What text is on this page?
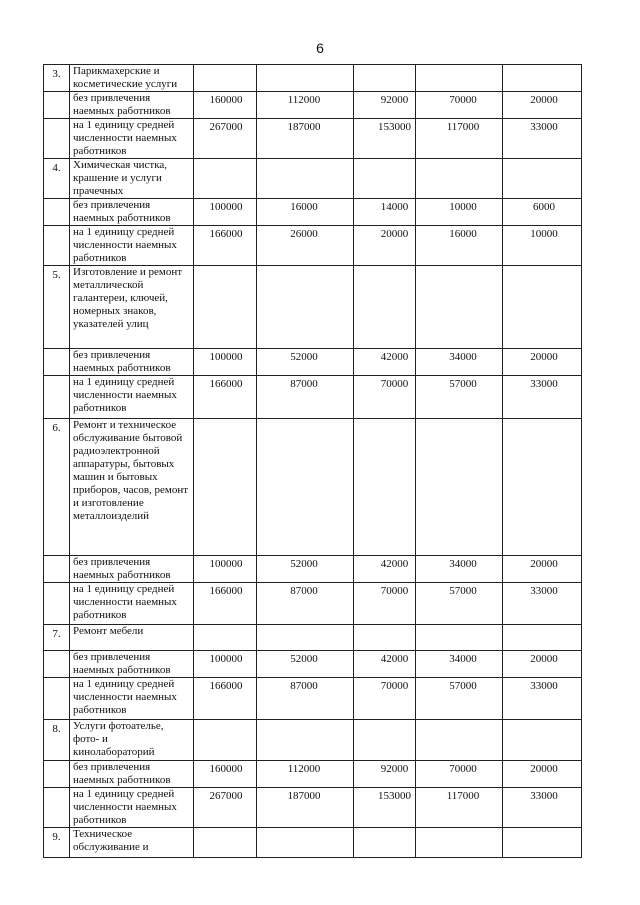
6
3.	Парикмахерские и косметические услуги					
	без привлечения наемных работников	160000	112000	92000	70000	20000
	на 1 единицу средней численности наемных работников	267000	187000	153000	117000	33000
4.	Химическая чистка, крашение и услуги прачечных					
	без привлечения наемных работников	100000	16000	14000	10000	6000
	на 1 единицу средней численности наемных работников	166000	26000	20000	16000	10000
5.	Изготовление и ремонт металлической галантереи, ключей, номерных знаков, указателей улиц					
	без привлечения наемных работников	100000	52000	42000	34000	20000
	на 1 единицу средней численности наемных работников	166000	87000	70000	57000	33000
6.	Ремонт и техническое обслуживание бытовой радиоэлектронной аппаратуры, бытовых машин и бытовых приборов, часов, ремонт и изготовление металлоизделий					
	без привлечения наемных работников	100000	52000	42000	34000	20000
	на 1 единицу средней численности наемных работников	166000	87000	70000	57000	33000
7.	Ремонт мебели					
	без привлечения наемных работников	100000	52000	42000	34000	20000
	на 1 единицу средней численности наемных работников	166000	87000	70000	57000	33000
8.	Услуги фотоателье, фото- и кинолабораторий					
	без привлечения наемных работников	160000	112000	92000	70000	20000
	на 1 единицу средней численности наемных работников	267000	187000	153000	117000	33000
9.	Техническое обслуживание и					
